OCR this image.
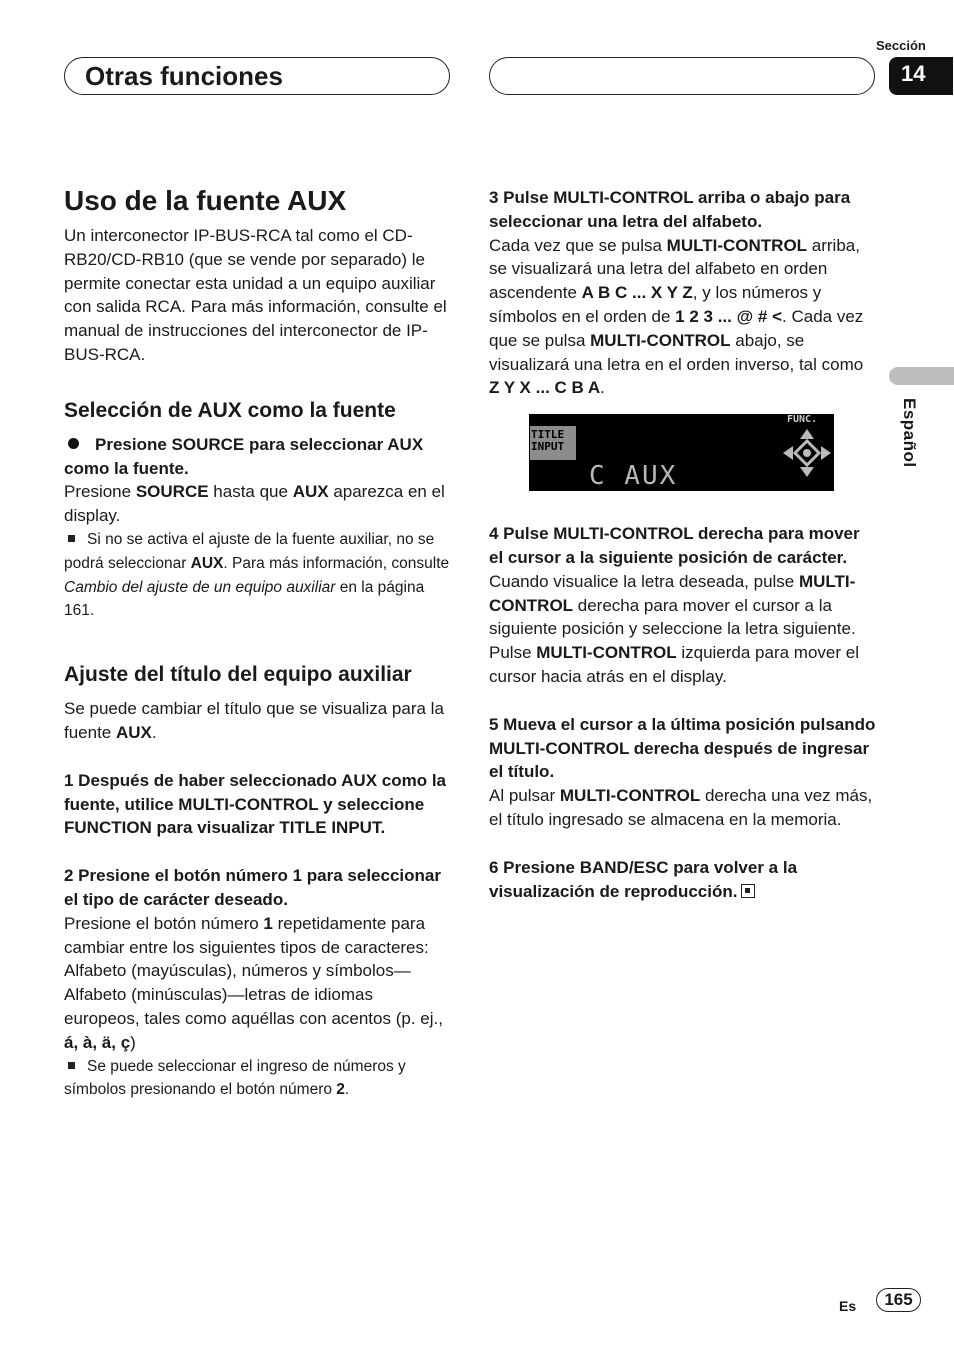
Otras funciones
Sección
14
Español
Uso de la fuente AUX

Un interconector IP-BUS-RCA tal como el CD-RB20/CD-RB10 (que se vende por separado) le permite conectar esta unidad a un equipo auxiliar con salida RCA. Para más información, consulte el manual de instrucciones del interconector de IP-BUS-RCA.

Selección de AUX como la fuente

Presione SOURCE para seleccionar AUX como la fuente.

Presione SOURCE hasta que AUX aparezca en el display.

Si no se activa el ajuste de la fuente auxiliar, no se podrá seleccionar AUX. Para más información, consulte Cambio del ajuste de un equipo auxiliar en la página 161.

Ajuste del título del equipo auxiliar

Se puede cambiar el título que se visualiza para la fuente AUX.

1 Después de haber seleccionado AUX como la fuente, utilice MULTI-CONTROL y seleccione FUNCTION para visualizar TITLE INPUT.

2 Presione el botón número 1 para seleccionar el tipo de carácter deseado.

Presione el botón número 1 repetidamente para cambiar entre los siguientes tipos de caracteres:

Alfabeto (mayúsculas), números y símbolos—Alfabeto (minúsculas)—letras de idiomas europeos, tales como aquéllas con acentos (p. ej., á, à, ä, ç)

Se puede seleccionar el ingreso de números y símbolos presionando el botón número 2.

3 Pulse MULTI-CONTROL arriba o abajo para seleccionar una letra del alfabeto.

Cada vez que se pulsa MULTI-CONTROL arriba, se visualizará una letra del alfabeto en orden ascendente A B C ... X Y Z, y los números y símbolos en el orden de 1 2 3 ... @ # <. Cada vez que se pulsa MULTI-CONTROL abajo, se visualizará una letra en el orden inverso, tal como Z Y X ... C B A.

TITLE
INPUT
FUNC.
C AUX

4 Pulse MULTI-CONTROL derecha para mover el cursor a la siguiente posición de carácter.

Cuando visualice la letra deseada, pulse MULTI-CONTROL derecha para mover el cursor a la siguiente posición y seleccione la letra siguiente. Pulse MULTI-CONTROL izquierda para mover el cursor hacia atrás en el display.

5 Mueva el cursor a la última posición pulsando MULTI-CONTROL derecha después de ingresar el título.

Al pulsar MULTI-CONTROL derecha una vez más, el título ingresado se almacena en la memoria.

6 Presione BAND/ESC para volver a la visualización de reproducción.

Es	165
